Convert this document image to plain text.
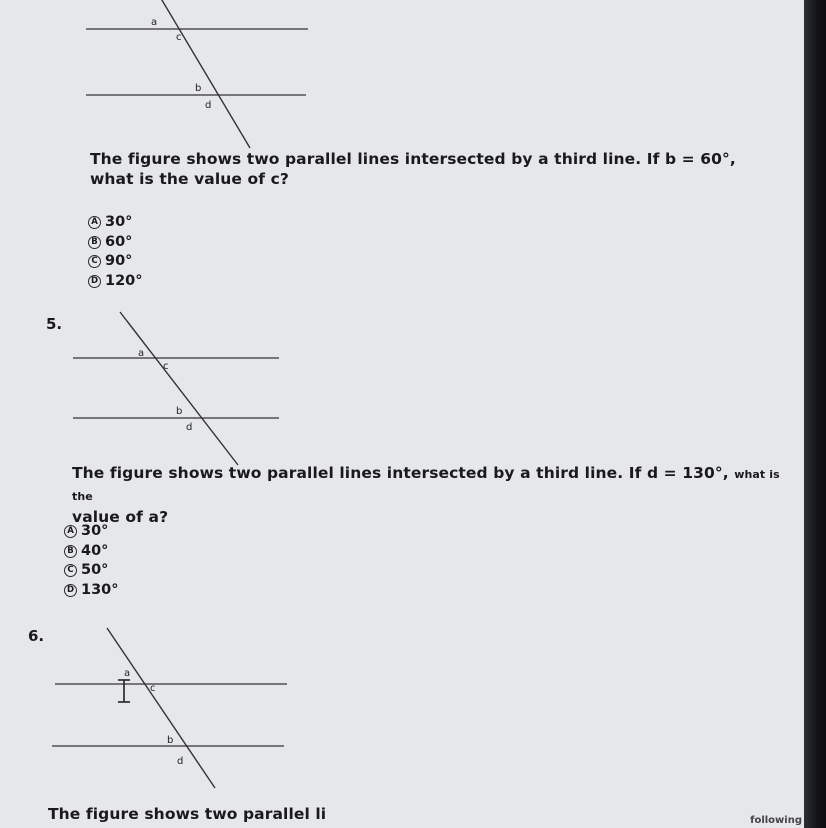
a
c
b
d

The figure shows two parallel lines intersected by a third line. If b = 60°,
what is the value of c?

A 30°
B 60°
C 90°
D 120°
5.
a
c
b
d

The figure shows two parallel lines intersected by a third line. If d = 130°, what is the
value of a?

A 30°
B 40°
C 50°
D 130°
6.
a
c
b
d

The figure shows two parallel li	following
